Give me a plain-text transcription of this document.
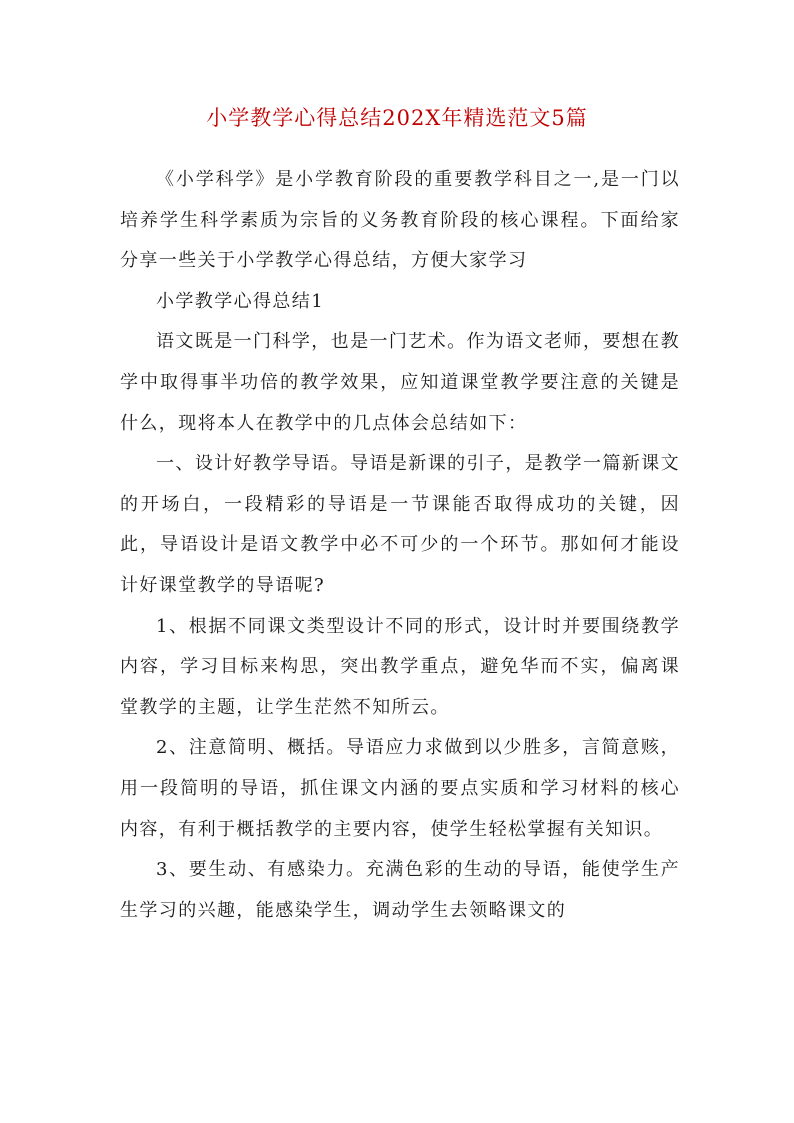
小学教学心得总结202X年精选范文5篇

《小学科学》是小学教育阶段的重要教学科目之一,是一门以培养学生科学素质为宗旨的义务教育阶段的核心课程。下面给家分享一些关于小学教学心得总结，方便大家学习

小学教学心得总结1

语文既是一门科学，也是一门艺术。作为语文老师，要想在教学中取得事半功倍的教学效果，应知道课堂教学要注意的关键是什么，现将本人在教学中的几点体会总结如下：

一、设计好教学导语。导语是新课的引子，是教学一篇新课文的开场白，一段精彩的导语是一节课能否取得成功的关键，因此，导语设计是语文教学中必不可少的一个环节。那如何才能设计好课堂教学的导语呢?

1、根据不同课文类型设计不同的形式，设计时并要围绕教学内容，学习目标来构思，突出教学重点，避免华而不实，偏离课堂教学的主题，让学生茫然不知所云。

2、注意简明、概括。导语应力求做到以少胜多，言简意赅，用一段简明的导语，抓住课文内涵的要点实质和学习材料的核心内容，有利于概括教学的主要内容，使学生轻松掌握有关知识。

3、要生动、有感染力。充满色彩的生动的导语，能使学生产生学习的兴趣，能感染学生，调动学生去领略课文的
